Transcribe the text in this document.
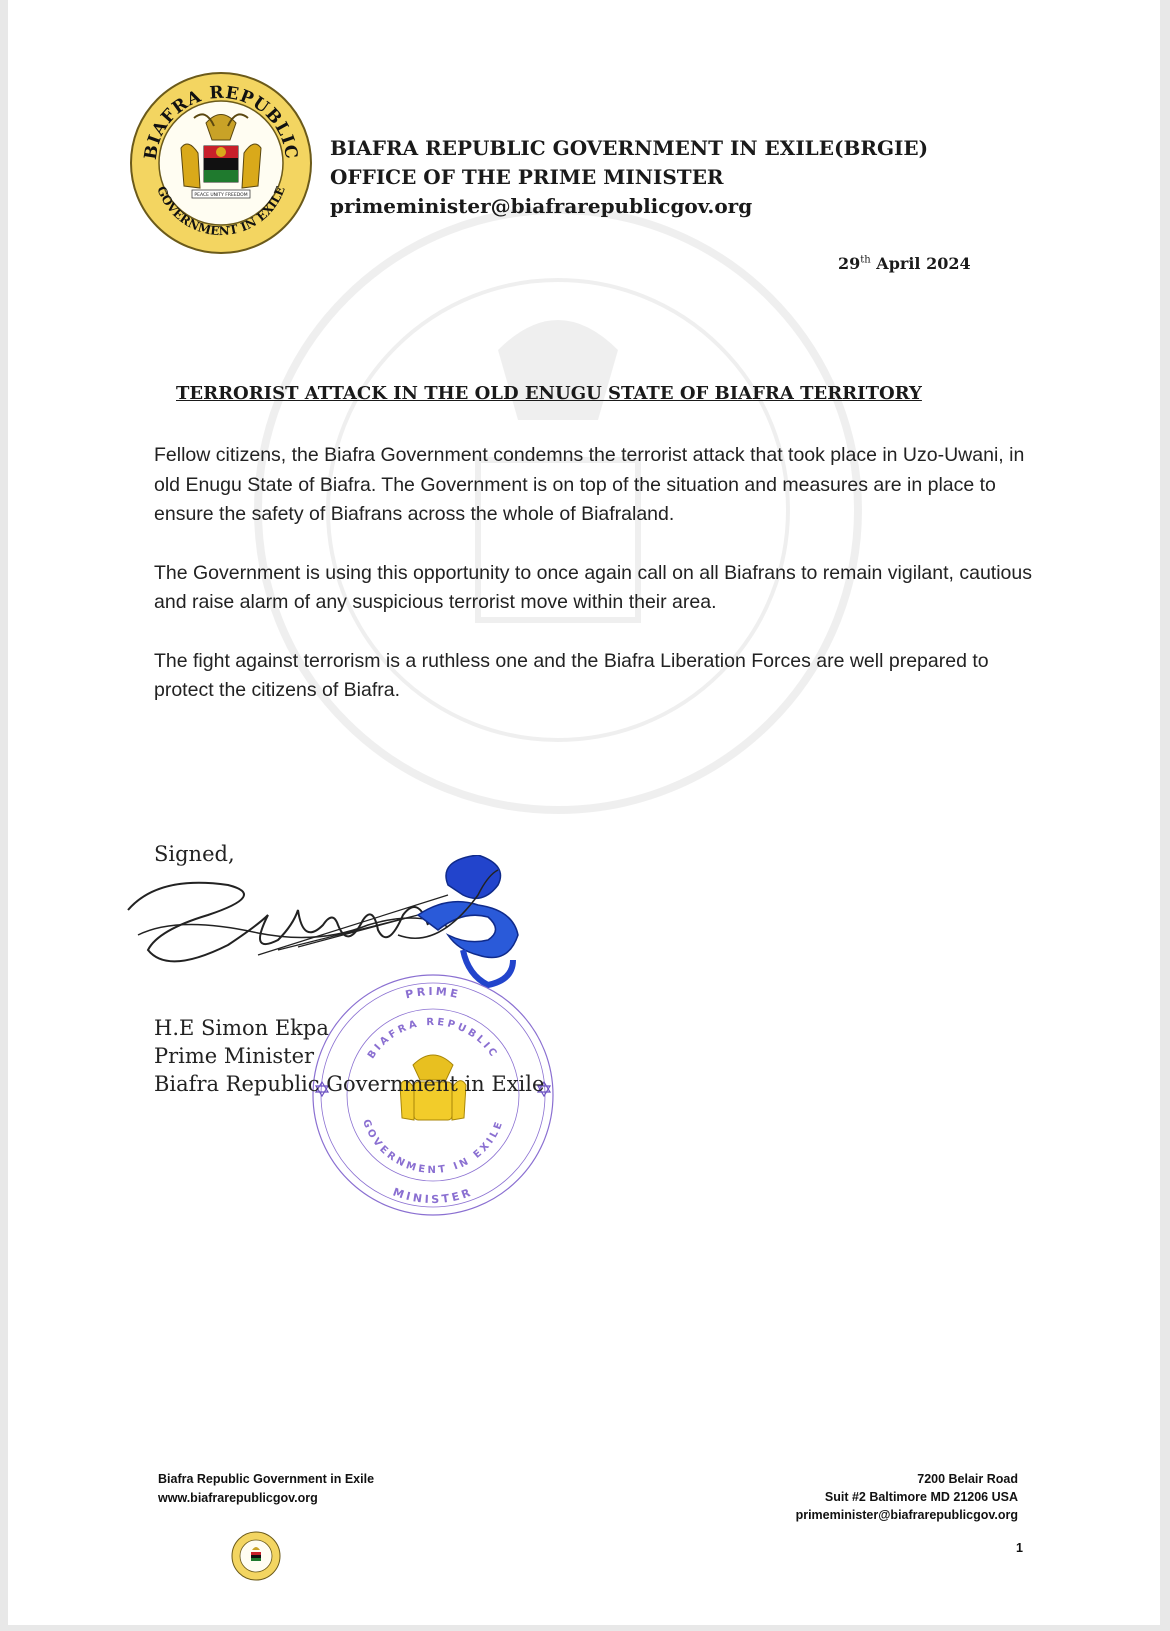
BIAFRA REPUBLIC
GOVERNMENT IN EXILE
PEACE UNITY FREEDOM
BIAFRA REPUBLIC GOVERNMENT IN EXILE(BRGIE)
OFFICE OF THE PRIME MINISTER
primeminister@biafrarepublicgov.org
29th April 2024
TERRORIST ATTACK IN THE OLD ENUGU STATE OF BIAFRA TERRITORY

Fellow citizens, the Biafra Government condemns the terrorist attack that took place in Uzo-Uwani, in old Enugu State of Biafra. The Government is on top of the situation and measures are in place to ensure the safety of Biafrans across the whole of Biafraland.

The Government is using this opportunity to once again call on all Biafrans to remain vigilant, cautious and raise alarm of any suspicious terrorist move within their area.

The fight against terrorism is a ruthless one and the Biafra Liberation Forces are well prepared to protect the citizens of Biafra.

Signed,
PRIME
MINISTER
BIAFRA REPUBLIC
GOVERNMENT IN EXILE
H.E Simon Ekpa
Prime Minister
Biafra Republic Government in Exile
Biafra Republic Government in Exile
www.biafrarepublicgov.org
7200 Belair Road
Suit #2 Baltimore MD 21206 USA
primeminister@biafrarepublicgov.org
1
